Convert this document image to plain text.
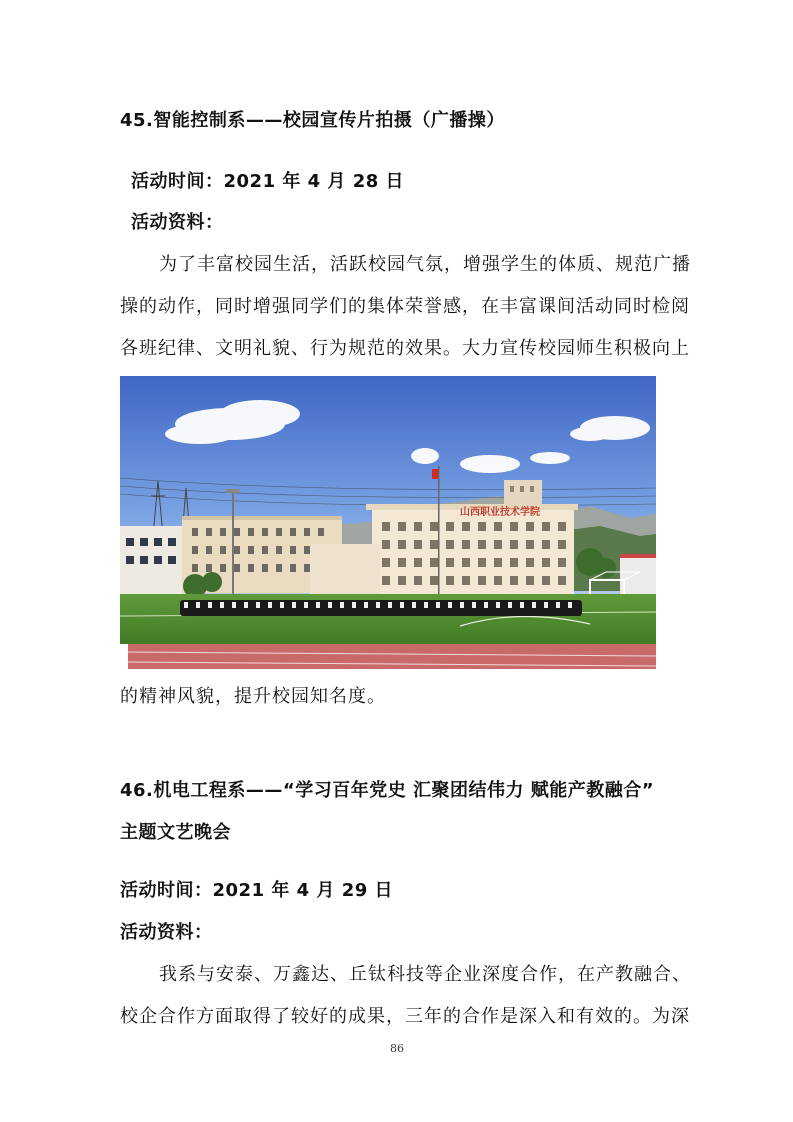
45.智能控制系——校园宣传片拍摄（广播操）
活动时间：2021 年 4 月 28 日
活动资料：
为了丰富校园生活，活跃校园气氛，增强学生的体质、规范广播
操的动作，同时增强同学们的集体荣誉感，在丰富课间活动同时检阅
各班纪律、文明礼貌、行为规范的效果。大力宣传校园师生积极向上
山西职业技术学院
的精神风貌，提升校园知名度。
46.机电工程系——“学习百年党史 汇聚团结伟力 赋能产教融合”
主题文艺晚会
活动时间：2021 年 4 月 29 日
活动资料：
我系与安泰、万鑫达、丘钛科技等企业深度合作，在产教融合、
校企合作方面取得了较好的成果，三年的合作是深入和有效的。为深
86
